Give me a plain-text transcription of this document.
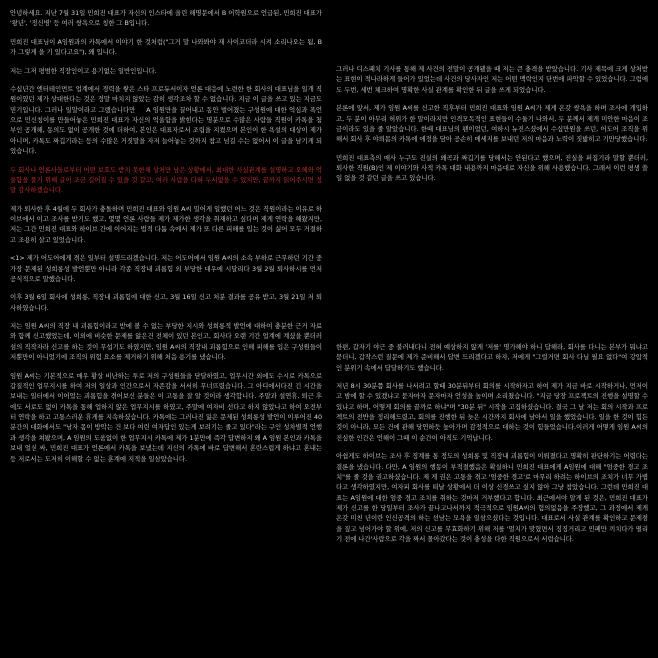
안녕하세요. 지난 7월 31일 민희진 대표가 자신의 인스타에 올린 해명문에서 B 어학원으로 언급된, 민희진 대표가 '왕년', '정신병' 등 여러 쌍욕으로 칭한 그 B입니다.

민희진 대표님이 A임원과의 카톡에서 이야기 한 것처럼("그거 말 나와봐야 재 사이코더라 시켜 소리나오는 됨, B가 그렇게 을 기 있다고요"), 왜 입니다.

저는 그저 평범한 직장인이고 용기없는 일반인입니다.

수십년간 엔터테인먼트 업계에서 경력을 쌓은 스타 프로듀서이자 언론 대응에 노련한 한 회사의 대표님을 일개 직원이였던 제가 상대한다는 것은 정말 마치지 않았는 감히 생각조차 할 수 없습니다. 지금 이 글을 쓰고 있는 지금도 믿기입니다. 그러나 일말이라고 그랬습니다만 ᅟ A 임원만을 끌어내고 동안 벌어졌는 구성원에 대한 억심과 폭언으로 민신칭이를 만들어놓은 민희진 대표가 자신의 억울함을 밝힌다는 명분으로 수많은 사람들 직원이 카톡을 첨부인 공개해, 동의도 없이 공개한 것에 더하여, 본인은 대표자로서 조립을 지켰으며 본인이 한 욕설의 대상이 제가 아니며, 카톡도 짜깁기라는 등의 수많은 거짓말을 자저 늘어놓는 것까지 참고 넘길 수는 없어서 이 글을 남기게 되었습니다.

두 회사나 언론사들로부터 어떤 보호도 받지 못한채 상처만 남은 상황에서, 최대한 사실관계를 설명하고 오해와 억울함을 풀기 위해 글이 조금 길어질 수 있을 것 같고, 여러 사람을 다혀 두서없을 수 있지만, 끝까지 읽어주시면 정말 감사하겠습니다.

제가 퇴사한 후 4월에 두 회사가 충돌하며 민희진 대표와 임원 A씨 밀어게 일했던 어느 것은 직원이라는 이유로 하이브에서 이고 조사를 받기도 했고, 몇몇 언론 사람들 제가 제가한 생각을 취재하고 싶다며 제게 연락을 해왔지만, 저는 그간 민희진 대표와 하이브 간에 이어지는 법적 다툼 속에서 제가 또 다른 피해를 입는 것이 싫어 모두 거절하고 조용히 살고 있었습니다.

<1> 제가 어도어에게 겪은 일부터 설명드리겠습니다. 저는 어도어에서 임원 A씨의 소속 부하로 근무하던 기간 중 가장 문제된 성희롱성 발언뿐만 아니라 각종 직장내 괴롭힘 외 부당한 대우에 시달리다 3월 2월 퇴사하시를 먼저 공식적으로 말했습니다.

이후 3월 6일 회사에 성희롱, 직장내 괴롭힘에 대한 신고, 3월 16일 신고 처분 결과를 공유 받고, 3월 21일 저 퇴사하였습니다.

저는 임원 A씨의 직장 내 괴롭힘이라고 받에 볼 수 없는 부당한 지시와 성희롱적 발언에 대하여 충분한 근거 자료와 함께 신고했었는데, 이외에 비슷한 문제를 앓은건 전체이 있던 본인고, 회사다 오랜 기간 업계에 계셨을 뿐더러 섬의 직작자라 신고를 하는 것이 무섭기도 하였지만, 임원 A씨의 직장내 괴롭힘으로 인해 피해를 입은 구성원들이 저뿐만이 아니었기에 조직의 위험 요소를 제거하기 위해 처음 용기를 냈습니다.

임원 A씨는 기본적으로 매우 황상 비난하는 투로 저의 구성원들을 닫달하였고, 업무시간 외에도 수시로 카톡으로 갑질적인 업무지시를 하여 저의 일상과 인간으로서 자존감을 서서히 무너뜨렸습니다. 그 아디에서다진 긴 시간을 보내는 일터에서 이어었는 괴롭힘을 겪어보신 분들은 이 고통을 잘 알 것이라 생각합니다. 주말과 설연휴, 퇴근 후에도 서로도 없이 카톡을 통해 업하지 않은 업무지시를 하였고, 주말에 여자비 선다고 하지 않았나고 하여 오전부터 연락을 하고 고통스러운 휴게를 지속하셨습니다. 카톡에는 그러나진 잃은 문제된 성희롱성 발언이 이루어진 40분간의 대화에서도 "남자 몸이 방악는 건 보다 여린 여자답인 있는게 보려기는 줄고 있다"라는 구인 성차별적 언행과 생각을 쳐봤으며, A 임원의 도움없이 한 업무지시 카톡에 제가 1분만에 즉각 답변하지 왜 A 임원 본인과 카톡을 보내 얼싣 싸, 민희진 대표가 언론에서 카톡을 보냈는데 지신의 카톡에 바로 답변해서 혼란스럽게 하냐고 혼내는 등 저로서는 도저히 이해할 수 없는 훈계에 지적을 일삼았습니다.

그러나 디스패치 기사를 통해 제 사건의 전말이 공개됐을 때 저는 큰 충격을 받았습니다. 기사 제목에 크게 상처받는 표현이 적나라하게 들어가 있었는데 사건의 당사자인 저는 어떤 맥락인지 단번에 파악할 수 있었습니다. 그럼에도 두번, 세번 체크하여 명확한 사실 관계를 확인한 뒤 글을 쓰게 되었습니다.

본론에 앞서, 제가 임원 A씨를 신고한 직후부터 민희진 대표와 임원 A씨가 제게 온갖 쌍욕을 하며 조사에 개입하고, 두 분이 아무리 허위가 한 말이라지만 인격모독적인 표현들이 수둘기 나와서, 두 분께서 제게 미안한 마음이 조금이라도 있을 줄 알았습니다. 한때 대표님의 팬이었던, 여하시 뉴진스셨에서 수십만원을 쓰던, 어도어 조직을 위해서 회사 후 야뢰몸의 카톡에 애정을 담아 공손히 메세지를 보내던 저의 마음과 노력이 짓밟히고 기만당했습니다.

민희진 대표측의 매사 누구도 진실의 왜곡과 짜깁기를 당해서는 안된다고 했으며, 진실을 퍼집기라 말할 뿐더러, 퇴사한 직원(B)인 제 이야기와 사적 카톡 대화 내용까지 마음대로 자신을 위해 사용했습니다. 그래서 이런 평생 쓸 일 없을 것 같던 글을 쓰고 있습니다.

한편, 갑자기 야근 중 불러내다니 전혀 예상하지 않게 '저를' 명가해야 하니 답해라, 회사를 다니는 본부가 뭐냐고 묻더니, 갑작스런 질문에 제가 준비해서 답변 드리겠다고 하자, 저에게 "그럴거면 회사 다닐 필요 없다"여 강압적인 분위기 속에서 답달하기도 했습니다.

저년 8시 30분쯤 회사를 나서려고 할때 30분뒤부터 회의를 시작하자고 하여 제가 지금 바로 시작하거나, 먼저이고 밤에 할 수 있겠냐고 묻자마자 문자마자 언성을 높이며 소리쳤습니다. "지금 당장 프로젝트의 진행을 설명할 수 있냐고 하며, 어떻게 회의를 끝까로 하냐"며 "30분 뒤" 시작을 고집하셨습니다. 결국 그 날 저는 회의 시작과 프로젝트의 전반을 정리해드렸고, 회의를 진행한 뒤 늦은 시간까지 회사에 남아서 일을 했었습니다. 일을 한 것이 힘든 것이 아니라, 모든 건에 관해 당연하듯 높아가며 감정적으로 대하는 것이 힘들었습니다.이러게 어떻게 임원 A씨의 진심한 인간은 언해이 그때 이 순간이 아직도 기억납니다.

아쉽게도 하이브는 조사 후 징계를 통 정도의 성희롱 및 직장내 괴롭힘이 이뤄졌다고 명확히 판단하기는 어렵다는 결론을 냈습니다. 다만, A 임원의 행동이 부적절했음은 확실하니 민희진 대표에게 A임원에 대해 "엄중한 경고 조치"를 줄 것을 권고하셨습니다. 제 게 권은 고통을 겪고 '엄중한 경고'로 마무리 하려는 하이브의 조치가 너무 가볍다고 생각하였지만, 여자피 회사를 떠날 상황에서 더 이상 신경쓰고 싶지 않아 그냥 참았습니다. 그런데 민희진 대표는 A임원에 대한 엄중 경고 조치를 취하는 것마저 거부했다고 합니다. 최근에서야 알게 된 것은, 민희진 대표가 제가 신고를 한 당일부터 조사가 끝나고나서까지 적극적으로 임원A씨의 험의없음을 주장했고, 그 과정에서 제게 온갖 미친 년이란 인신공격의 하는 선남는 모욕을 일삼으셨다는 것입니다. 대표로서 사실 관계를 확인하고 문제점을 짚고 넘어가야 할 위에, 저의 신고를 무효화하기 위해 저를 '멀지가 맞혔면서 징징거리고 민폐만 끼치다가 떨리기 전에 나간'사람으로 각을 짜서 몰아갔다는 것이 충성을 다한 직원으로서 서럽습니다.
